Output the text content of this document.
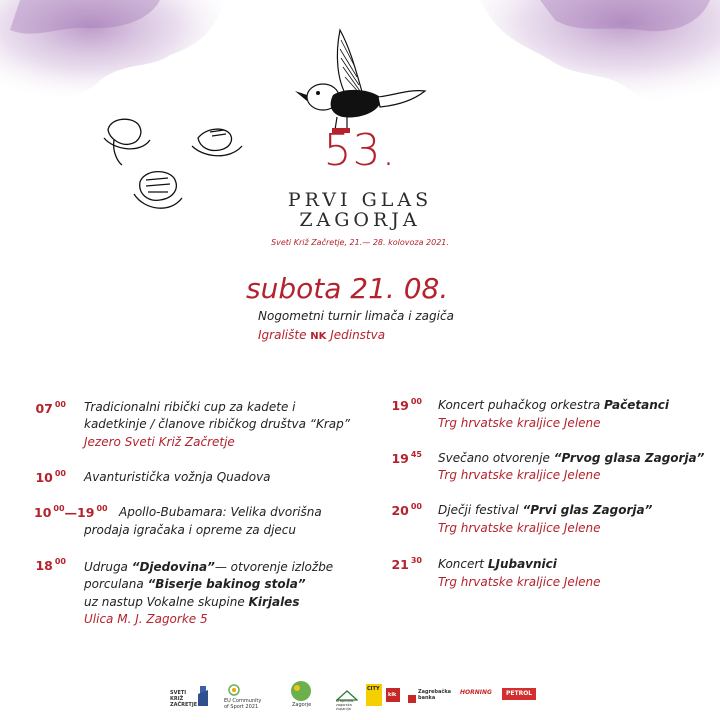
53.
PRVI GLAS
ZAGORJA
Sveti Križ Začretje, 21.— 28. kolovoza 2021.
subota 21. 08.
Nogometni turnir limača i zagiča
Igralište NK Jedinstva
07 $^{00}$ Tradicionalni ribički cup za kadete i
kadetkinje / članove ribičkog društva “Krap”
Jezero Sveti Križ Začretje
10 $^{00}$ Avanturistička vožnja Quadova
10 $^{00}$—19 $^{00}$ Apollo-Bubamara: Velika dvorišna
prodaja igračaka i opreme za djecu
18 $^{00}$ Udruga “Djedovina”— otvorenje izložbe
porculana “Biserje bakinog stola”
uz nastup Vokalne skupine Kirjales
Ulica M. J. Zagorke 5
19 $^{00}$ Koncert puhačkog orkestra Pačetanci
Trg hrvatske kraljice Jelene
19 $^{45}$ Svečano otvorenje “Prvog glasa Zagorja”
Trg hrvatske kraljice Jelene
20 $^{00}$ Dječji festival “Prvi glas Zagorja”
Trg hrvatske kraljice Jelene
21 $^{30}$ Koncert LJubavnici
Trg hrvatske kraljice Jelene
SVETI KRIŽ ZAČRETJE
EU Community of Sport 2021	Zagorje
Krapinsko-zagorska županija
CITY
kik	Zagrebačka banka
HORNING PETROL
